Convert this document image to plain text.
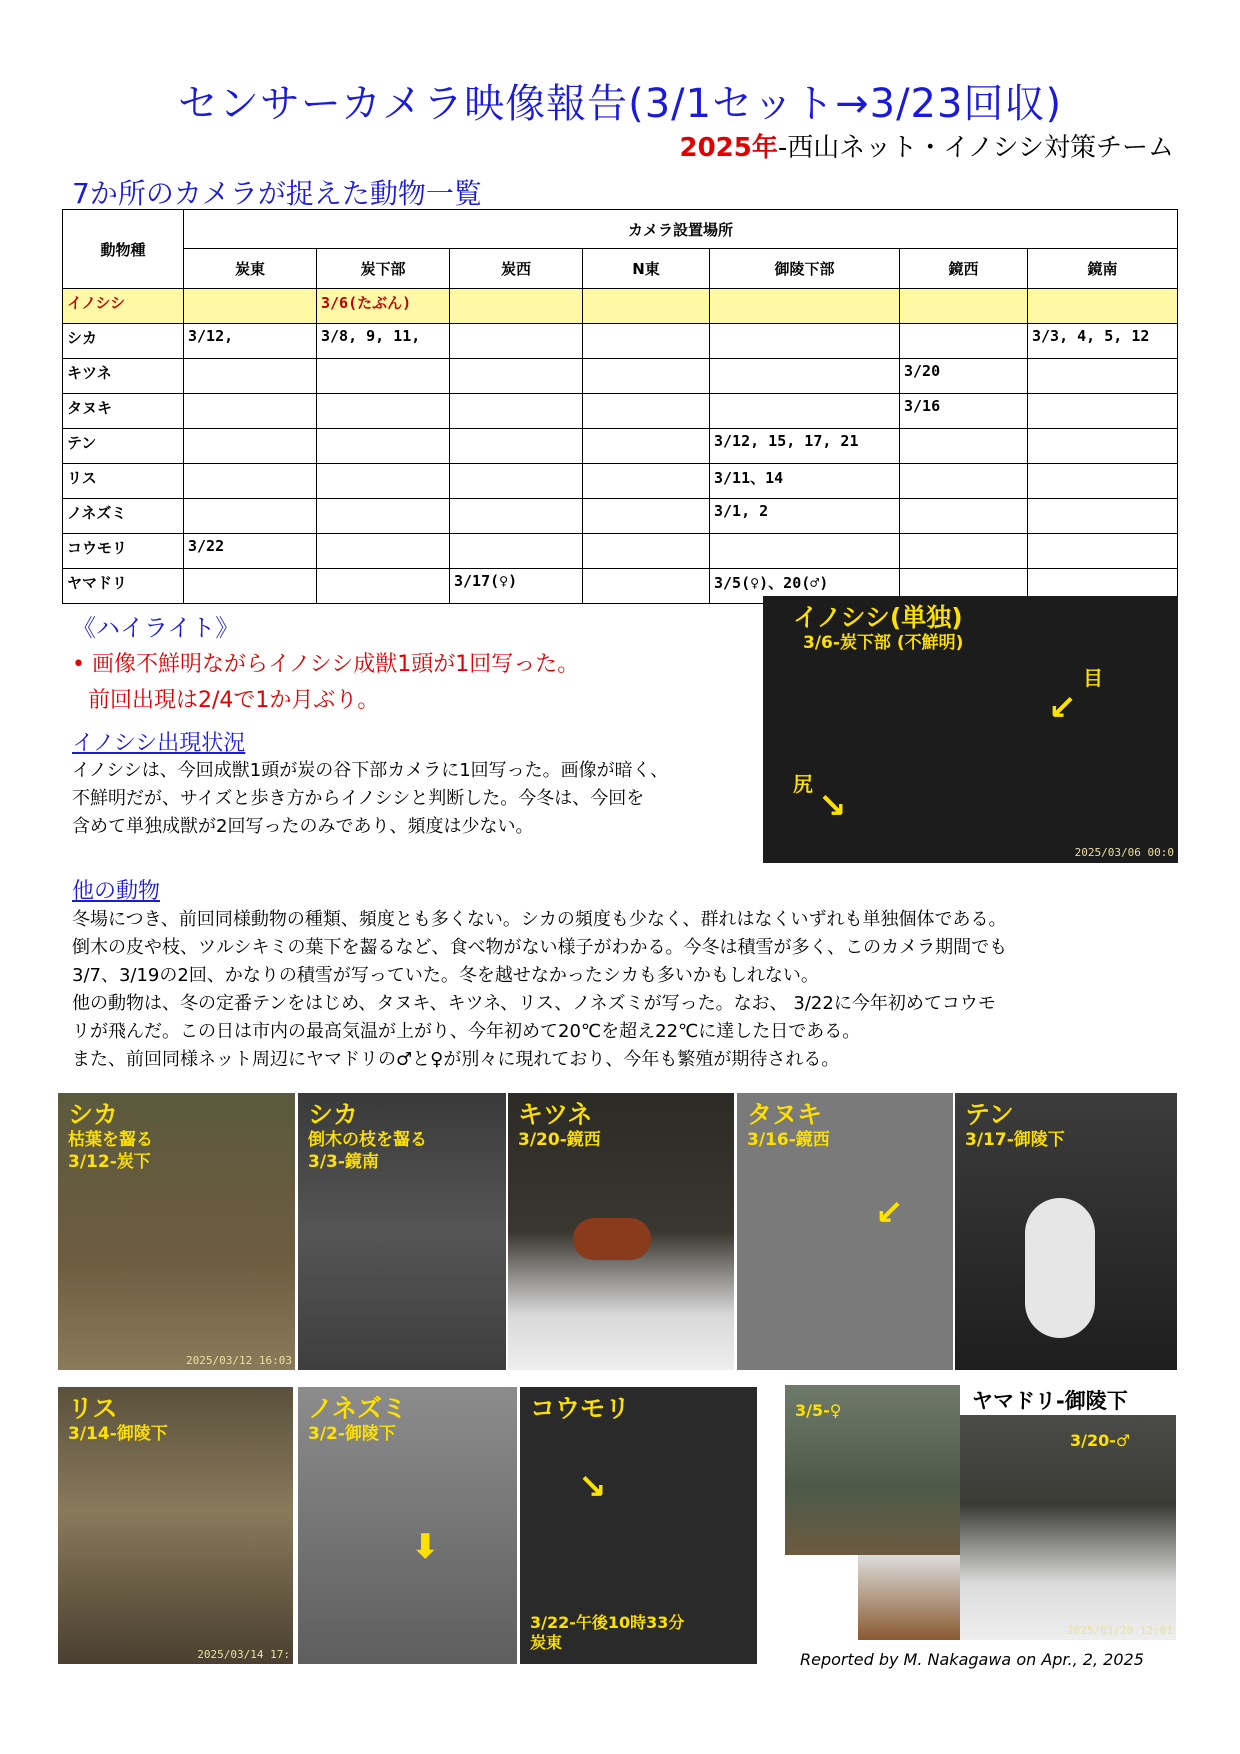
センサーカメラ映像報告(3/1セット→3/23回収)
2025年-西山ネット・イノシシ対策チーム
7か所のカメラが捉えた動物一覧
動物種	カメラ設置場所						
	炭東	炭下部	炭西	N東	御陵下部	鏡西	鏡南
イノシシ		3/6(たぶん)					
シカ	3/12,	3/8, 9, 11,					3/3, 4, 5, 12
キツネ						3/20	
タヌキ						3/16	
テン					3/12, 15, 17, 21		
リス					3/11、14		
ノネズミ					3/1, 2		
コウモリ	3/22						
ヤマドリ			3/17(♀)		3/5(♀)、20(♂)		
《ハイライト》
• 画像不鮮明ながらイノシシ成獣1頭が1回写った。
前回出現は2/4で1か月ぶり。
イノシシ出現状況
イノシシは、今回成獣1頭が炭の谷下部カメラに1回写った。画像が暗く、
不鮮明だが、サイズと歩き方からイノシシと判断した。今冬は、今回を
含めて単独成獣が2回写ったのみであり、頻度は少ない。
イノシシ(単独)
3/6-炭下部 (不鮮明)
目
↙
尻
↘
2025/03/06 00:0
他の動物
冬場につき、前回同様動物の種類、頻度とも多くない。シカの頻度も少なく、群れはなくいずれも単独個体である。
倒木の皮や枝、ツルシキミの葉下を齧るなど、食べ物がない様子がわかる。今冬は積雪が多く、このカメラ期間でも
3/7、3/19の2回、かなりの積雪が写っていた。冬を越せなかったシカも多いかもしれない。
他の動物は、冬の定番テンをはじめ、タヌキ、キツネ、リス、ノネズミが写った。なお、 3/22に今年初めてコウモ
リが飛んだ。この日は市内の最高気温が上がり、今年初めて20℃を超え22℃に達した日である。
また、前回同様ネット周辺にヤマドリの♂と♀が別々に現れており、今年も繁殖が期待される。
シカ
枯葉を齧る
3/12-炭下
2025/03/12 16:03
シカ
倒木の枝を齧る
3/3-鏡南
キツネ
3/20-鏡西
タヌキ
3/16-鏡西
↙
テン
3/17-御陵下
リス
3/14-御陵下
2025/03/14 17:
ノネズミ
3/2-御陵下
⬇
コウモリ
↘
3/22-午後10時33分
炭東
ヤマドリ-御陵下
3/5-♀
3/20-♂
2025/03/20 12:01
Reported by M. Nakagawa on Apr., 2, 2025
